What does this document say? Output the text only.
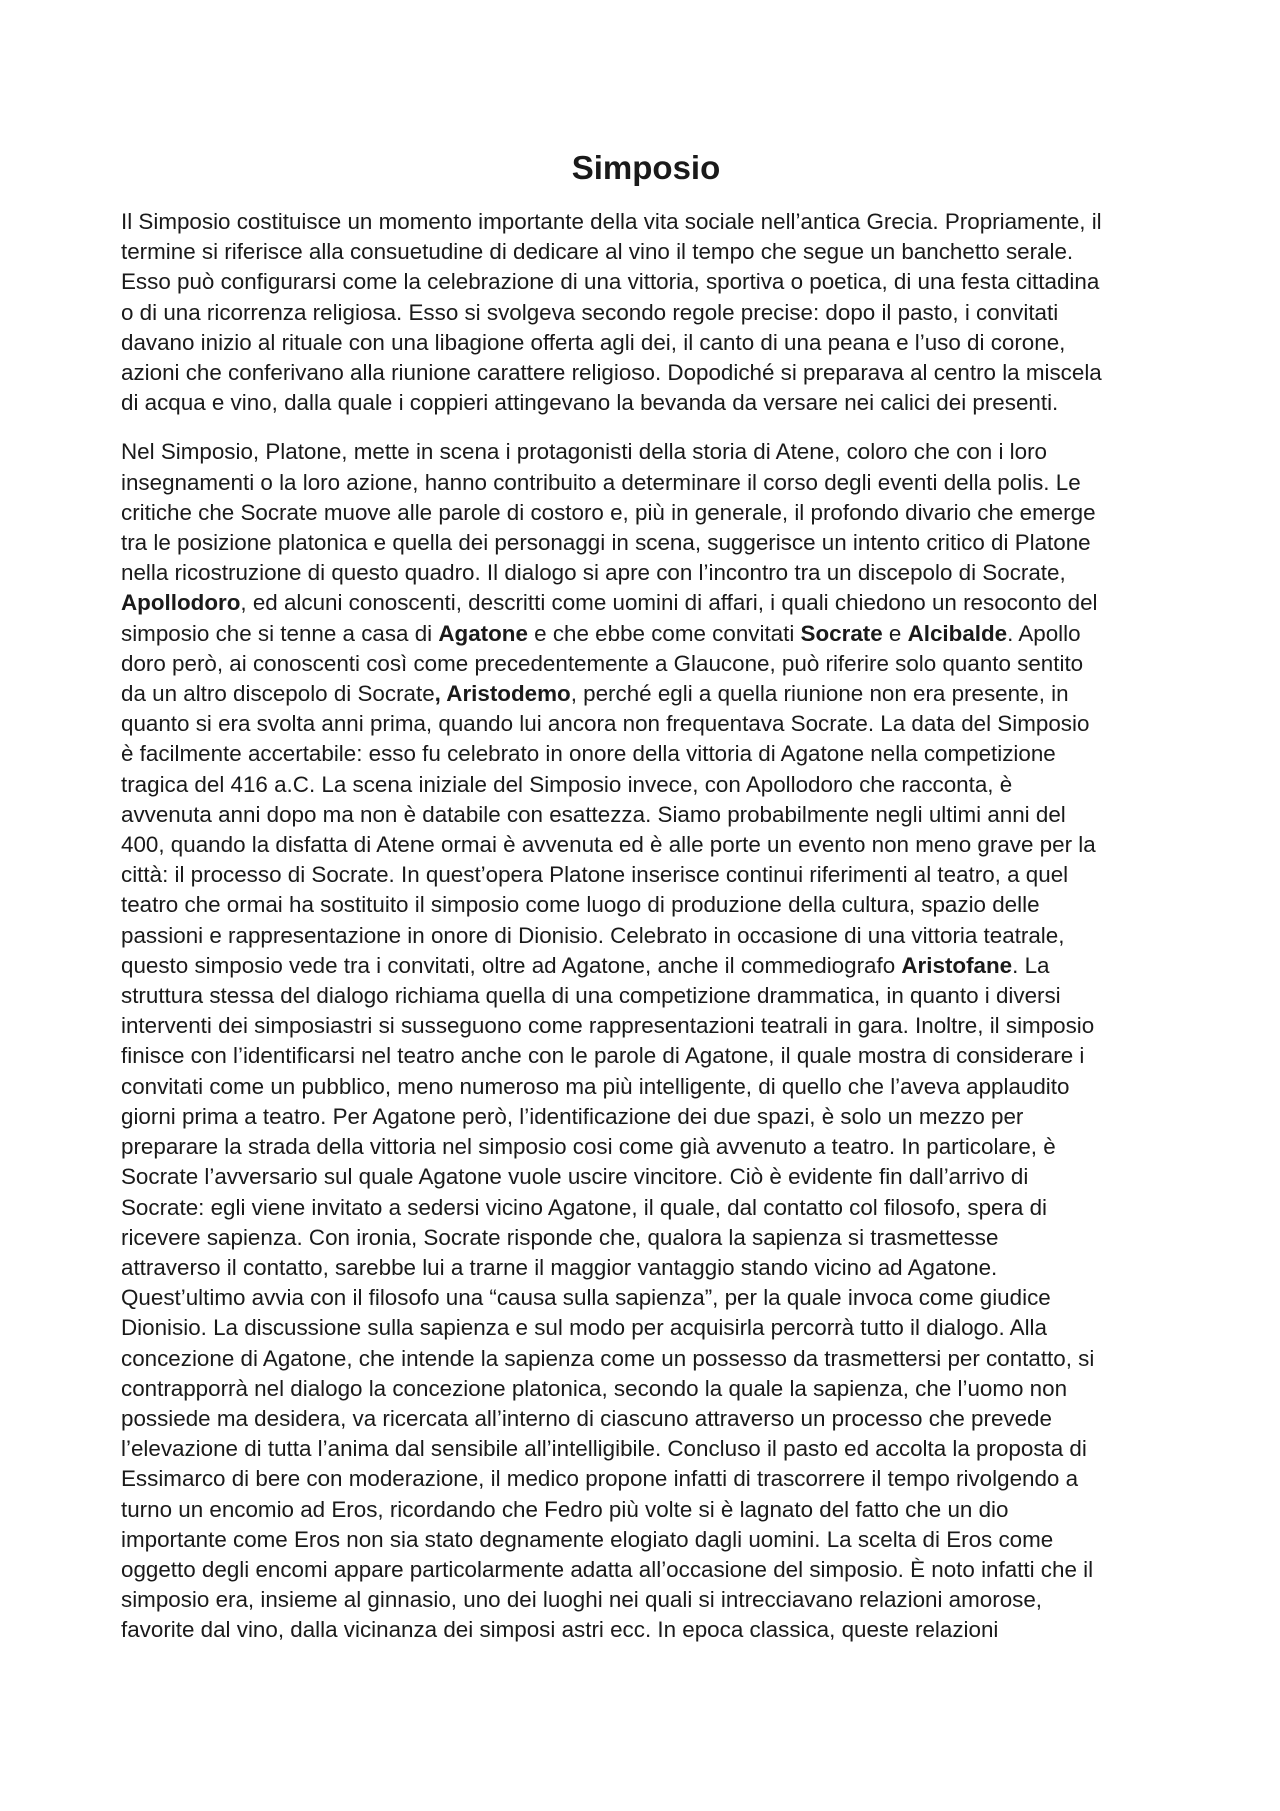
Simposio
Il Simposio costituisce un momento importante della vita sociale nell’antica Grecia. Propriamente, il
termine si riferisce alla consuetudine di dedicare al vino il tempo che segue un banchetto serale.
Esso può configurarsi come la celebrazione di una vittoria, sportiva o poetica, di una festa cittadina
o di una ricorrenza religiosa. Esso si svolgeva secondo regole precise: dopo il pasto, i convitati
davano inizio al rituale con una libagione offerta agli dei, il canto di una peana e l’uso di corone,
azioni che conferivano alla riunione carattere religioso. Dopodiché si preparava al centro la miscela
di acqua e vino, dalla quale i coppieri attingevano la bevanda da versare nei calici dei presenti.
Nel Simposio, Platone, mette in scena i protagonisti della storia di Atene, coloro che con i loro
insegnamenti o la loro azione, hanno contribuito a determinare il corso degli eventi della polis. Le
critiche che Socrate muove alle parole di costoro e, più in generale, il profondo divario che emerge
tra le posizione platonica e quella dei personaggi in scena, suggerisce un intento critico di Platone
nella ricostruzione di questo quadro. Il dialogo si apre con l’incontro tra un discepolo di Socrate,
Apollodoro, ed alcuni conoscenti, descritti come uomini di affari, i quali chiedono un resoconto del
simposio che si tenne a casa di Agatone e che ebbe come convitati Socrate e Alcibalde. Apollo
doro però, ai conoscenti così come precedentemente a Glaucone, può riferire solo quanto sentito
da un altro discepolo di Socrate, Aristodemo, perché egli a quella riunione non era presente, in
quanto si era svolta anni prima, quando lui ancora non frequentava Socrate. La data del Simposio
è facilmente accertabile: esso fu celebrato in onore della vittoria di Agatone nella competizione
tragica del 416 a.C. La scena iniziale del Simposio invece, con Apollodoro che racconta, è
avvenuta anni dopo ma non è databile con esattezza. Siamo probabilmente negli ultimi anni del
400, quando la disfatta di Atene ormai è avvenuta ed è alle porte un evento non meno grave per la
città: il processo di Socrate. In quest’opera Platone inserisce continui riferimenti al teatro, a quel
teatro che ormai ha sostituito il simposio come luogo di produzione della cultura, spazio delle
passioni e rappresentazione in onore di Dionisio. Celebrato in occasione di una vittoria teatrale,
questo simposio vede tra i convitati, oltre ad Agatone, anche il commediografo Aristofane. La
struttura stessa del dialogo richiama quella di una competizione drammatica, in quanto i diversi
interventi dei simposiastri si susseguono come rappresentazioni teatrali in gara. Inoltre, il simposio
finisce con l’identificarsi nel teatro anche con le parole di Agatone, il quale mostra di considerare i
convitati come un pubblico, meno numeroso ma più intelligente, di quello che l’aveva applaudito
giorni prima a teatro. Per Agatone però, l’identificazione dei due spazi, è solo un mezzo per
preparare la strada della vittoria nel simposio cosi come già avvenuto a teatro. In particolare, è
Socrate l’avversario sul quale Agatone vuole uscire vincitore. Ciò è evidente fin dall’arrivo di
Socrate: egli viene invitato a sedersi vicino Agatone, il quale, dal contatto col filosofo, spera di
ricevere sapienza. Con ironia, Socrate risponde che, qualora la sapienza si trasmettesse
attraverso il contatto, sarebbe lui a trarne il maggior vantaggio stando vicino ad Agatone.
Quest’ultimo avvia con il filosofo una “causa sulla sapienza”, per la quale invoca come giudice
Dionisio. La discussione sulla sapienza e sul modo per acquisirla percorrà tutto il dialogo. Alla
concezione di Agatone, che intende la sapienza come un possesso da trasmettersi per contatto, si
contrapporrà nel dialogo la concezione platonica, secondo la quale la sapienza, che l’uomo non
possiede ma desidera, va ricercata all’interno di ciascuno attraverso un processo che prevede
l’elevazione di tutta l’anima dal sensibile all’intelligibile. Concluso il pasto ed accolta la proposta di
Essimarco di bere con moderazione, il medico propone infatti di trascorrere il tempo rivolgendo a
turno un encomio ad Eros, ricordando che Fedro più volte si è lagnato del fatto che un dio
importante come Eros non sia stato degnamente elogiato dagli uomini. La scelta di Eros come
oggetto degli encomi appare particolarmente adatta all’occasione del simposio. È noto infatti che il
simposio era, insieme al ginnasio, uno dei luoghi nei quali si intrecciavano relazioni amorose,
favorite dal vino, dalla vicinanza dei simposi astri ecc. In epoca classica, queste relazioni
